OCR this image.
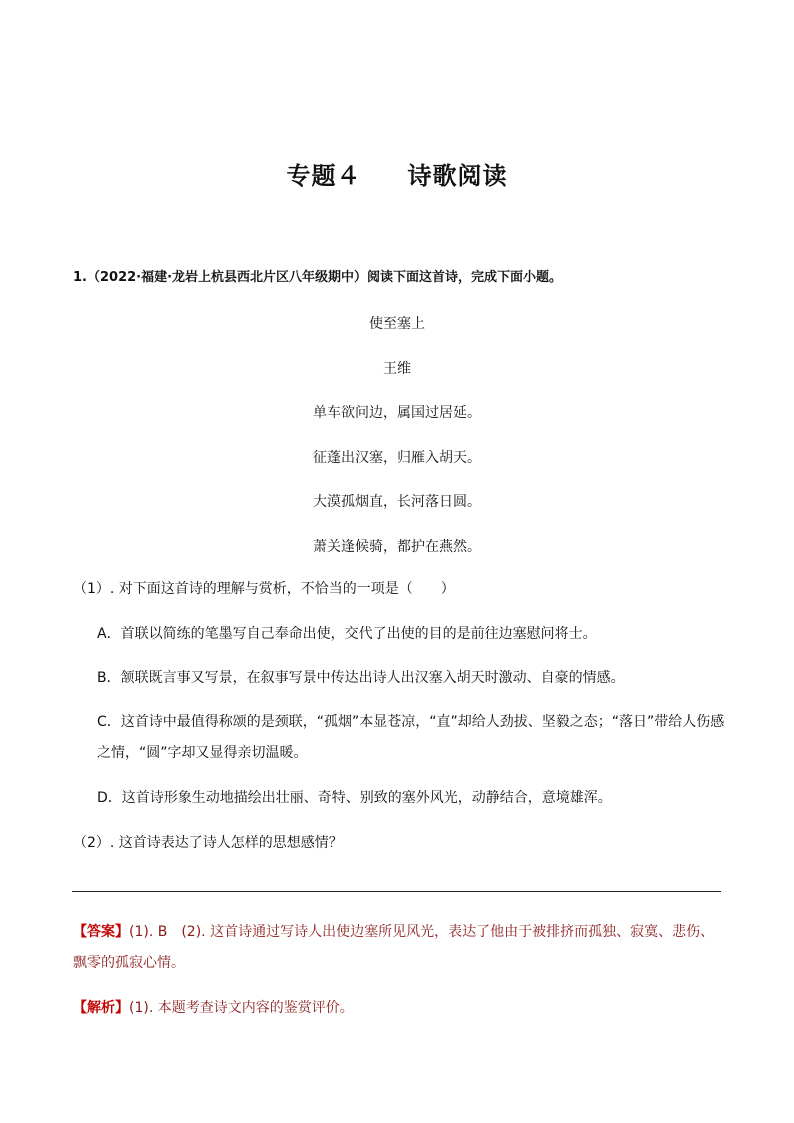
专题４ 诗歌阅读
1.（2022·福建·龙岩上杭县西北片区八年级期中）阅读下面这首诗，完成下面小题。
使至塞上
王维
单车欲问边，属国过居延。
征蓬出汉塞，归雁入胡天。
大漠孤烟直，长河落日圆。
萧关逢候骑，都护在燕然。
（1）. 对下面这首诗的理解与赏析，不恰当的一项是（　　）
A．首联以简练的笔墨写自己奉命出使，交代了出使的目的是前往边塞慰问将士。
B．颔联既言事又写景，在叙事写景中传达出诗人出汉塞入胡天时激动、自豪的情感。
C．这首诗中最值得称颂的是颈联，“孤烟”本显苍凉，“直”却给人劲拔、坚毅之态；“落日”带给人伤感
之情，“圆”字却又显得亲切温暖。
D．这首诗形象生动地描绘出壮丽、奇特、别致的塞外风光，动静结合，意境雄浑。
（2）. 这首诗表达了诗人怎样的思想感情？
【答案】(1). B　(2). 这首诗通过写诗人出使边塞所见风光，表达了他由于被排挤而孤独、寂寞、悲伤、
飘零的孤寂心情。
【解析】(1). 本题考查诗文内容的鉴赏评价。
